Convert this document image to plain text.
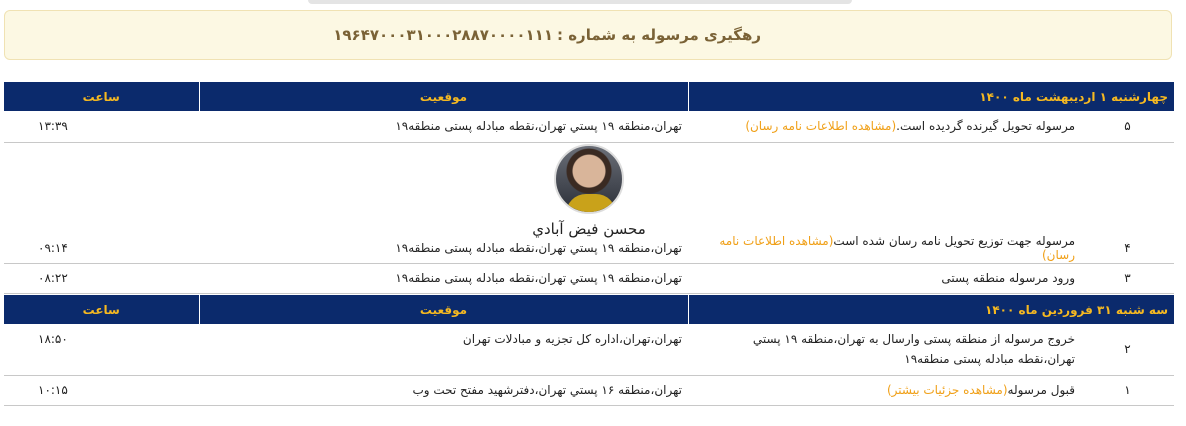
رهگیری مرسوله به شماره :
۱۹۶۴۷۰۰۰۳۱۰۰۰۲۸۸۷۰۰۰۰۱۱۱
چهارشنبه ۱ اردیبهشت ماه ۱۴۰۰		موقعیت	ساعت
۵	مرسوله تحویل گیرنده گردیده است.(مشاهده اطلاعات نامه رسان)	تهران،منطقه ۱۹ پستي تهران،نقطه مبادله پستی منطقه۱۹	۱۳:۳۹

۴	مرسوله جهت توزیع تحویل نامه رسان شده است(مشاهده اطلاعات نامه رسان)	تهران،منطقه ۱۹ پستي تهران،نقطه مبادله پستی منطقه۱۹	۰۹:۱۴
۳	ورود مرسوله منطقه پستی	تهران،منطقه ۱۹ پستي تهران،نقطه مبادله پستی منطقه۱۹	۰۸:۲۲
محسن فیض آبادي
سه شنبه ۳۱ فروردین ماه ۱۴۰۰		موقعیت	ساعت
۲	خروج مرسوله از منطقه پستی وارسال به تهران،منطقه ۱۹ پستي تهران،نقطه مبادله پستی منطقه۱۹	تهران،تهران،اداره کل تجزیه و مبادلات تهران	۱۸:۵۰
۱	قبول مرسوله(مشاهده جزئیات بیشتر)	تهران،منطقه ۱۶ پستي تهران،دفترشهید مفتح تحت وب	۱۰:۱۵
